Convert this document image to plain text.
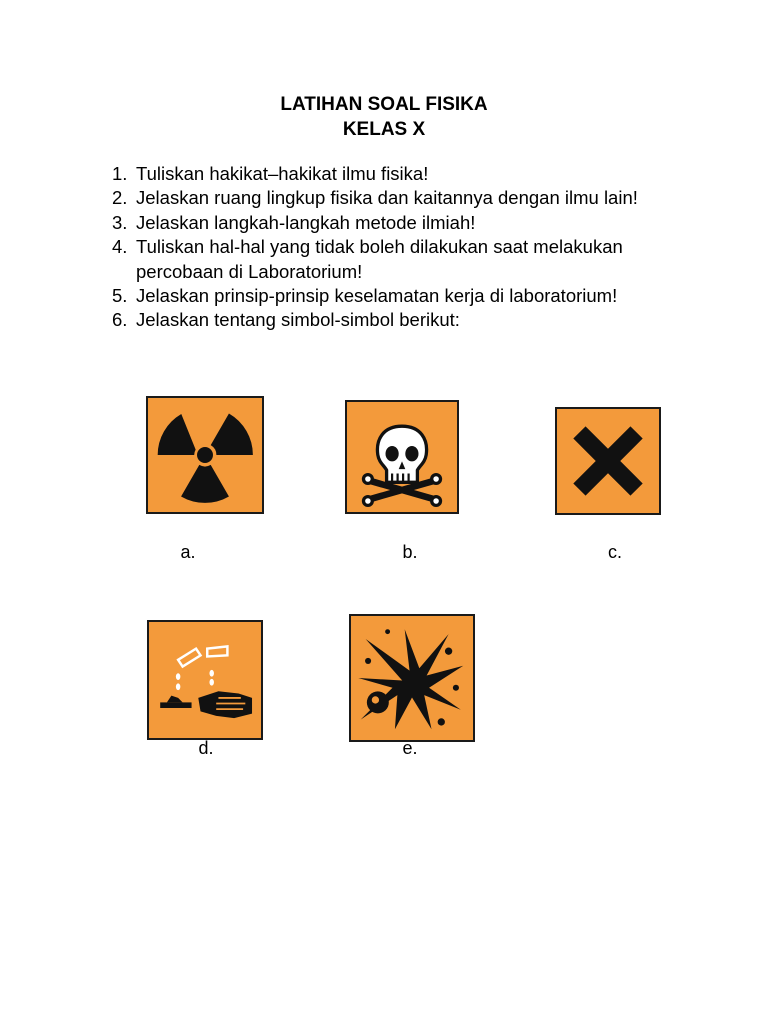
LATIHAN SOAL FISIKA
KELAS X
1. Tuliskan hakikat–hakikat ilmu fisika!
2. Jelaskan ruang lingkup fisika dan kaitannya dengan ilmu lain!
3. Jelaskan langkah-langkah metode ilmiah!
4. Tuliskan hal-hal yang tidak boleh dilakukan saat melakukan percobaan di Laboratorium!
5. Jelaskan prinsip-prinsip keselamatan kerja di laboratorium!
6. Jelaskan tentang simbol-simbol berikut:
a.	b.	c.
d.	e.
